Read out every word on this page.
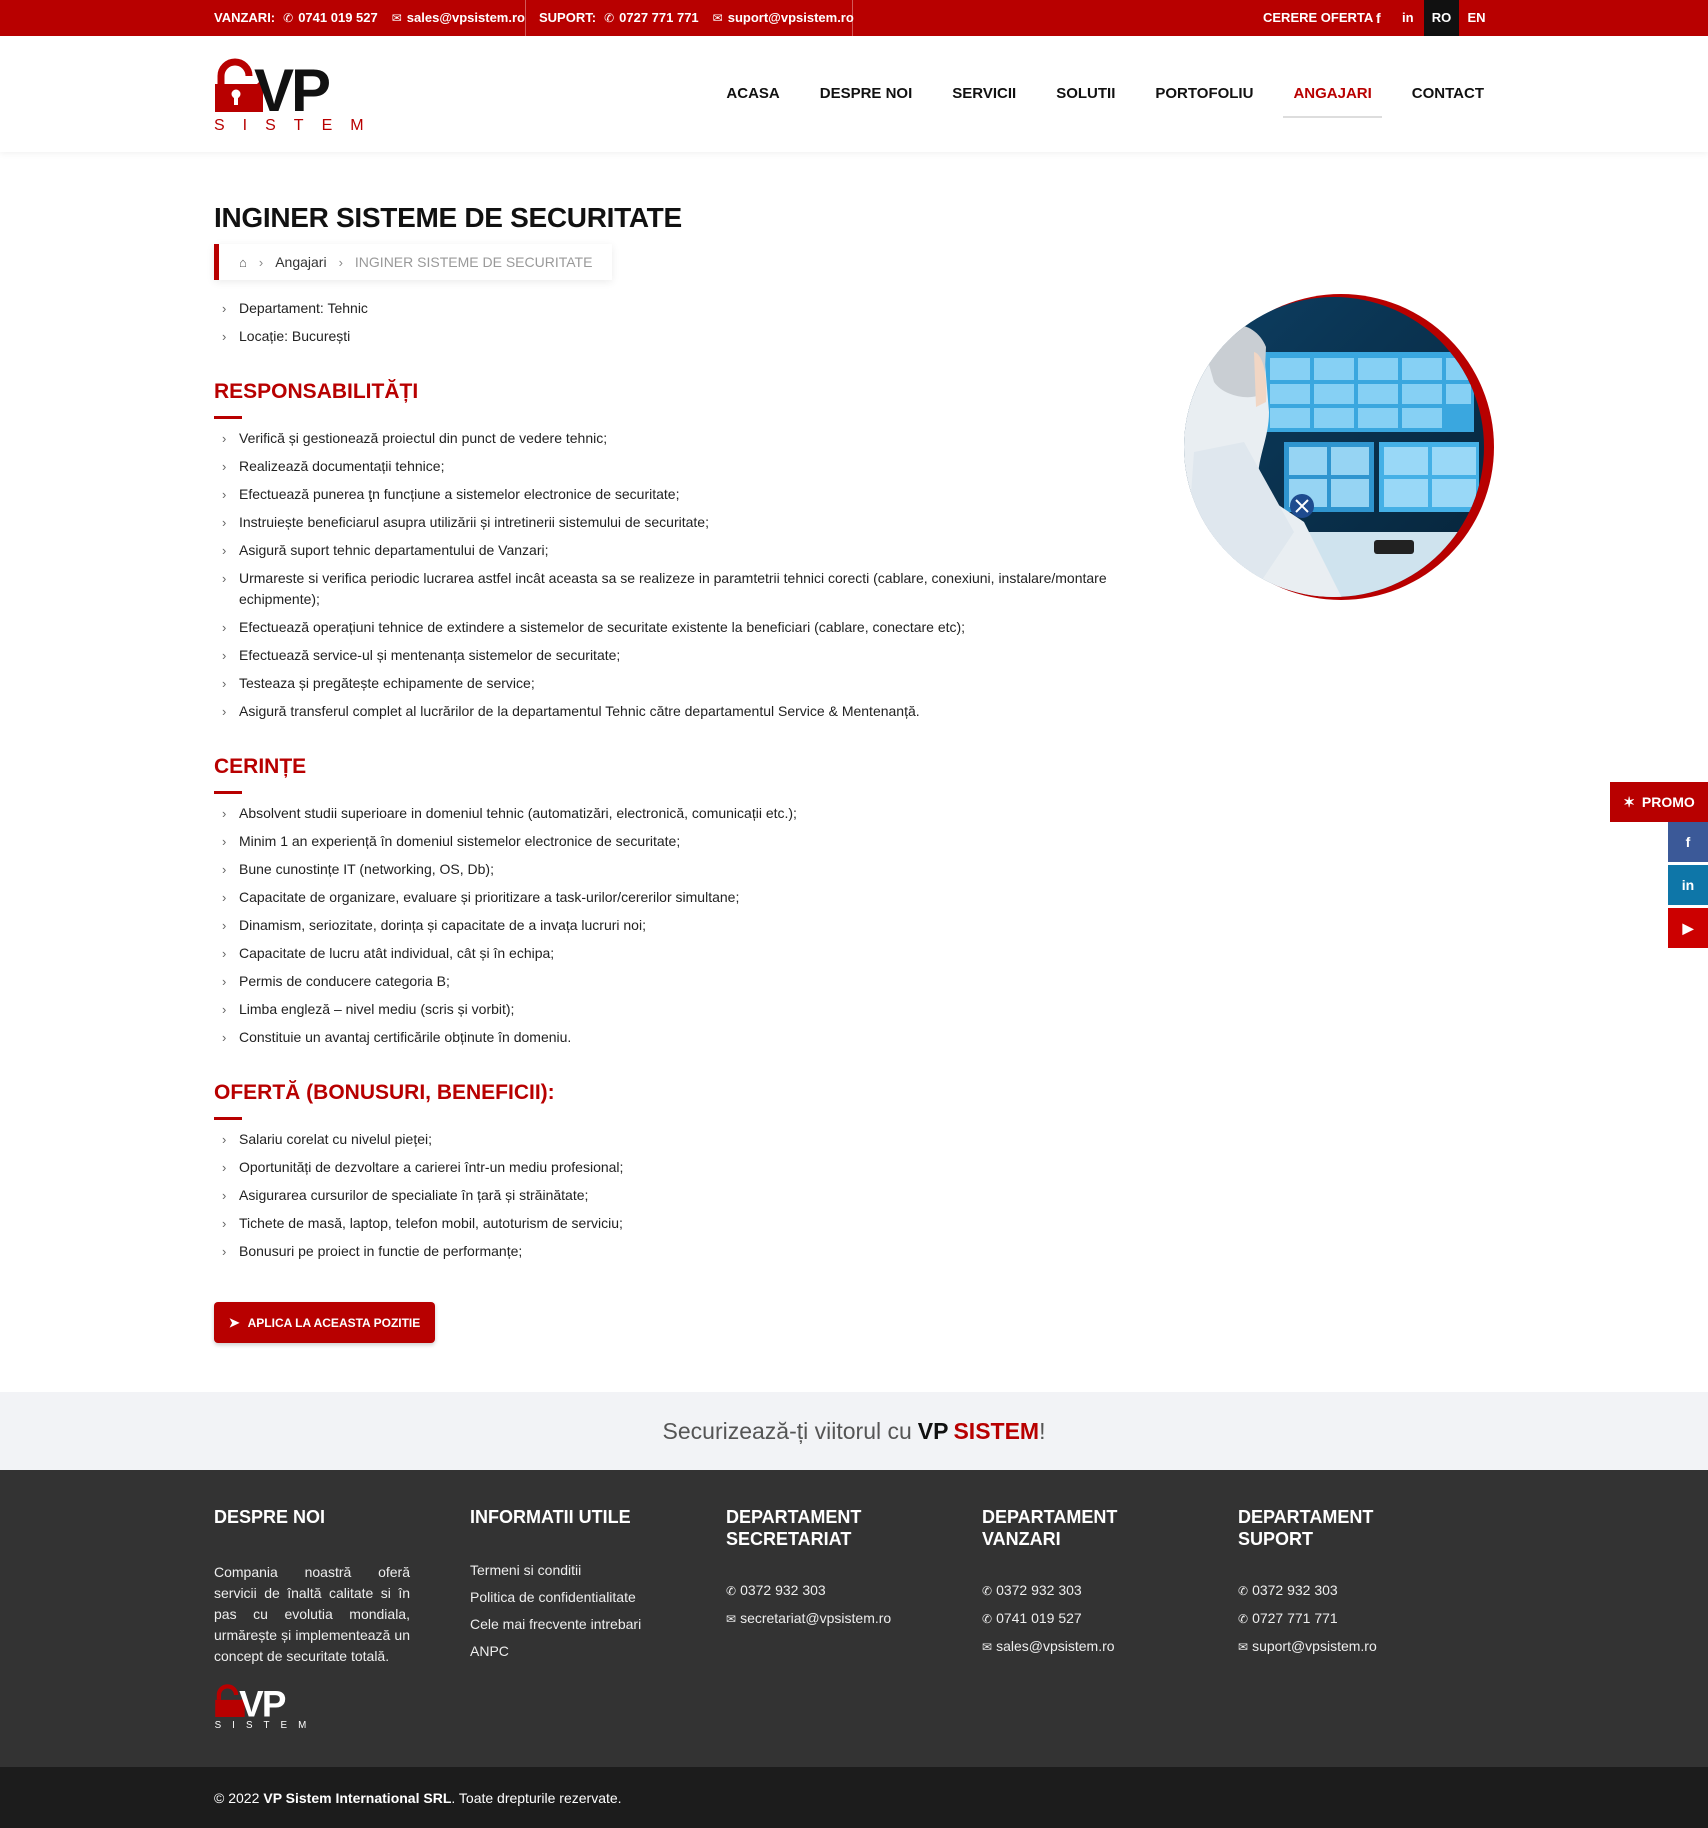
VANZARI: ✆ 0741 019 527 ✉ sales@vpsistem.ro SUPORT: ✆ 0727 771 771 ✉ suport@vpsistem.ro	CERERE OFERTA f in	RO	EN
VP
SISTEM
ACASA	DESPRE NOI	SERVICII	SOLUTII	PORTOFOLIU	ANGAJARI	CONTACT
INGINER SISTEME DE SECURITATE
⌂ › Angajari › INGINER SISTEME DE SECURITATE
› Departament: Tehnic
› Locație: București
RESPONSABILITĂȚI
› Verifică și gestionează proiectul din punct de vedere tehnic;
› Realizează documentații tehnice;
› Efectuează punerea ţn funcțiune a sistemelor electronice de securitate;
› Instruiește beneficiarul asupra utilizării și intretinerii sistemului de securitate;
› Asigură suport tehnic departamentului de Vanzari;
› Urmareste si verifica periodic lucrarea astfel incât aceasta sa se realizeze in paramtetrii tehnici corecti (cablare, conexiuni, instalare/montare echipmente);
› Efectuează operațiuni tehnice de extindere a sistemelor de securitate existente la beneficiari (cablare, conectare etc);
› Efectuează service-ul și mentenanța sistemelor de securitate;
› Testeaza și pregătește echipamente de service;
› Asigură transferul complet al lucrărilor de la departamentul Tehnic către departamentul Service & Mentenanță.
CERINȚE
› Absolvent studii superioare in domeniul tehnic (automatizări, electronică, comunicații etc.);
› Minim 1 an experiență în domeniul sistemelor electronice de securitate;
› Bune cunostințe IT (networking, OS, Db);
› Capacitate de organizare, evaluare și prioritizare a task-urilor/cererilor simultane;
› Dinamism, seriozitate, dorința și capacitate de a invața lucruri noi;
› Capacitate de lucru atât individual, cât și în echipa;
› Permis de conducere categoria B;
› Limba engleză – nivel mediu (scris și vorbit);
› Constituie un avantaj certificările obținute în domeniu.
OFERTĂ (BONUSURI, BENEFICII):
› Salariu corelat cu nivelul pieței;
› Oportunități de dezvoltare a carierei într-un mediu profesional;
› Asigurarea cursurilor de specialiate în țară și străinătate;
› Tichete de masă, laptop, telefon mobil, autoturism de serviciu;
› Bonusuri pe proiect in functie de performanțe;
➤ APLICA LA ACEASTA POZITIE
✶ PROMO
f
in
▶
Securizează-ți viitorul cu VP SISTEM !
DESPRE NOI

Compania noastră oferă servicii de înaltă calitate si în pas cu evolutia mondiala, urmărește și implementează un concept de securitate totală.

VP
SISTEM
INFORMATII UTILE
Termeni si conditii
Politica de confidentialitate
Cele mai frecvente intrebari
ANPC
DEPARTAMENT SECRETARIAT
✆ 0372 932 303
✉ secretariat@vpsistem.ro
DEPARTAMENT VANZARI
✆ 0372 932 303
✆ 0741 019 527
✉ sales@vpsistem.ro
DEPARTAMENT SUPORT
✆ 0372 932 303
✆ 0727 771 771
✉ suport@vpsistem.ro
© 2022 VP Sistem International SRL . Toate drepturile rezervate.
